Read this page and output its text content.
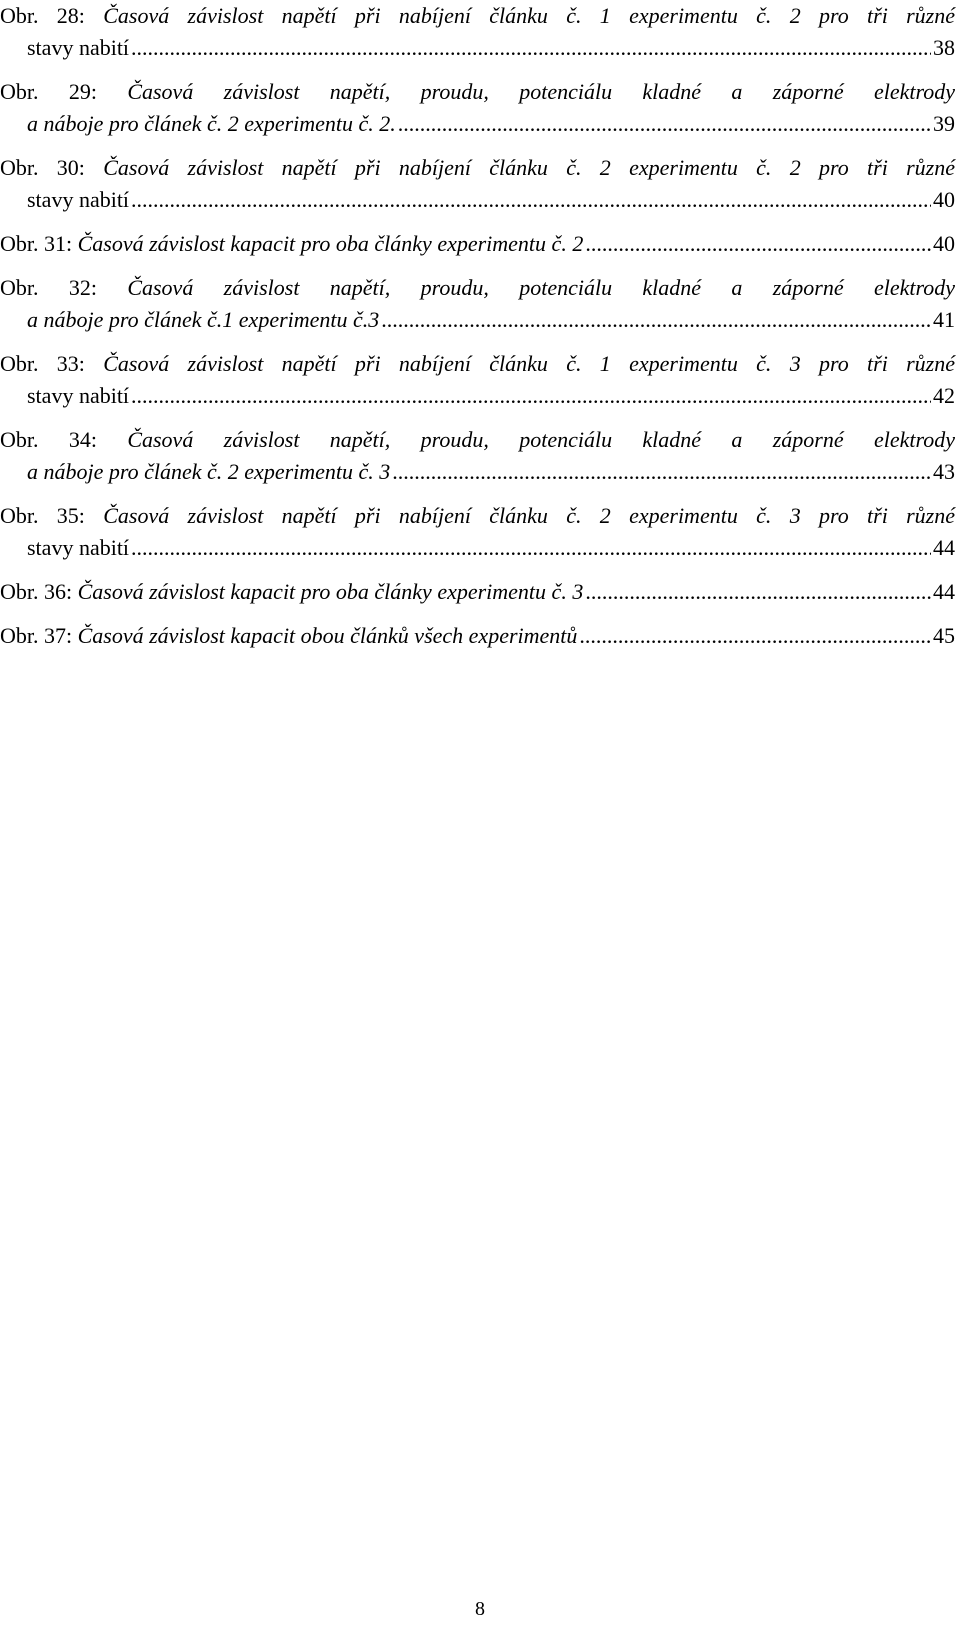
Obr. 28: Časová závislost napětí při nabíjení článku č. 1 experimentu č. 2 pro tři různé
stavy nabití .....	38
Obr. 29: Časová závislost napětí, proudu, potenciálu kladné a záporné elektrody
a náboje pro článek č. 2 experimentu č. 2. .....	39
Obr. 30: Časová závislost napětí při nabíjení článku č. 2 experimentu č. 2 pro tři různé
stavy nabití .....	40
Obr. 31:
Časová závislost kapacit pro oba články experimentu č. 2 .....	40
Obr. 32: Časová závislost napětí, proudu, potenciálu kladné a záporné elektrody
a náboje pro článek č.1 experimentu č.3 .....	41
Obr. 33: Časová závislost napětí při nabíjení článku č. 1 experimentu č. 3 pro tři různé
stavy nabití .....	42
Obr. 34: Časová závislost napětí, proudu, potenciálu kladné a záporné elektrody
a náboje pro článek č. 2 experimentu č. 3 .....	43
Obr. 35: Časová závislost napětí při nabíjení článku č. 2 experimentu č. 3 pro tři různé
stavy nabití .....	44
Obr. 36:
Časová závislost kapacit pro oba články experimentu č. 3 .....	44
Obr. 37:
Časová závislost kapacit obou článků všech experimentů .....	45
8
